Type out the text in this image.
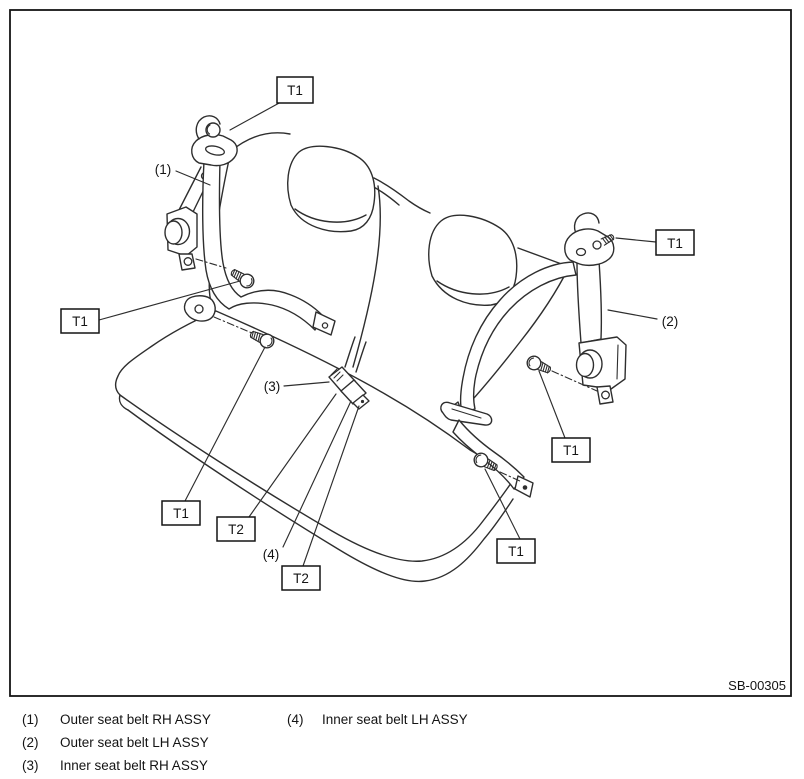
T1
T1
T1
T2
T2
T1
T1
T1
(1)
(2)
(3)
(4)
SB-00305
(1) Outer seat belt RH ASSY	(4) Inner seat belt LH ASSY
(2) Outer seat belt LH ASSY
(3) Inner seat belt RH ASSY
